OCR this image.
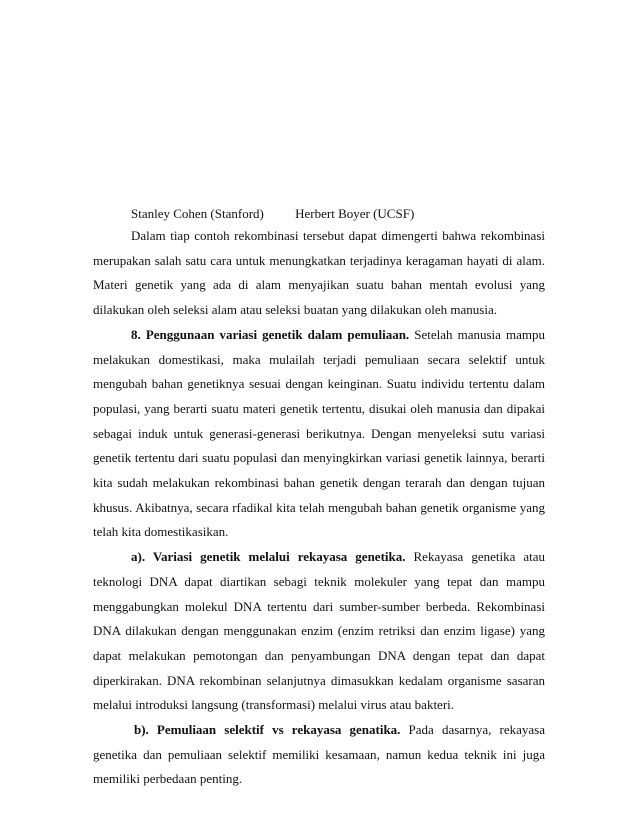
Stanley Cohen (Stanford) Herbert Boyer (UCSF)

Dalam tiap contoh rekombinasi tersebut dapat dimengerti bahwa rekombinasi merupakan salah satu cara untuk menungkatkan terjadinya keragaman hayati di alam. Materi genetik yang ada di alam menyajikan suatu bahan mentah evolusi yang dilakukan oleh seleksi alam atau seleksi buatan yang dilakukan oleh manusia.

8. Penggunaan variasi genetik dalam pemuliaan. Setelah manusia mampu melakukan domestikasi, maka mulailah terjadi pemuliaan secara selektif untuk mengubah bahan genetiknya sesuai dengan keinginan. Suatu individu tertentu dalam populasi, yang berarti suatu materi genetik tertentu, disukai oleh manusia dan dipakai sebagai induk untuk generasi-generasi berikutnya. Dengan menyeleksi sutu variasi genetik tertentu dari suatu populasi dan menyingkirkan variasi genetik lainnya, berarti kita sudah melakukan rekombinasi bahan genetik dengan terarah dan dengan tujuan khusus. Akibatnya, secara rfadikal kita telah mengubah bahan genetik organisme yang telah kita domestikasikan.

a). Variasi genetik melalui rekayasa genetika. Rekayasa genetika atau teknologi DNA dapat diartikan sebagi teknik molekuler yang tepat dan mampu menggabungkan molekul DNA tertentu dari sumber-sumber berbeda. Rekombinasi DNA dilakukan dengan menggunakan enzim (enzim retriksi dan enzim ligase) yang dapat melakukan pemotongan dan penyambungan DNA dengan tepat dan dapat diperkirakan. DNA rekombinan selanjutnya dimasukkan kedalam organisme sasaran melalui introduksi langsung (transformasi) melalui virus atau bakteri.

b). Pemuliaan selektif vs rekayasa genatika. Pada dasarnya, rekayasa genetika dan pemuliaan selektif memiliki kesamaan, namun kedua teknik ini juga memiliki perbedaan penting.
